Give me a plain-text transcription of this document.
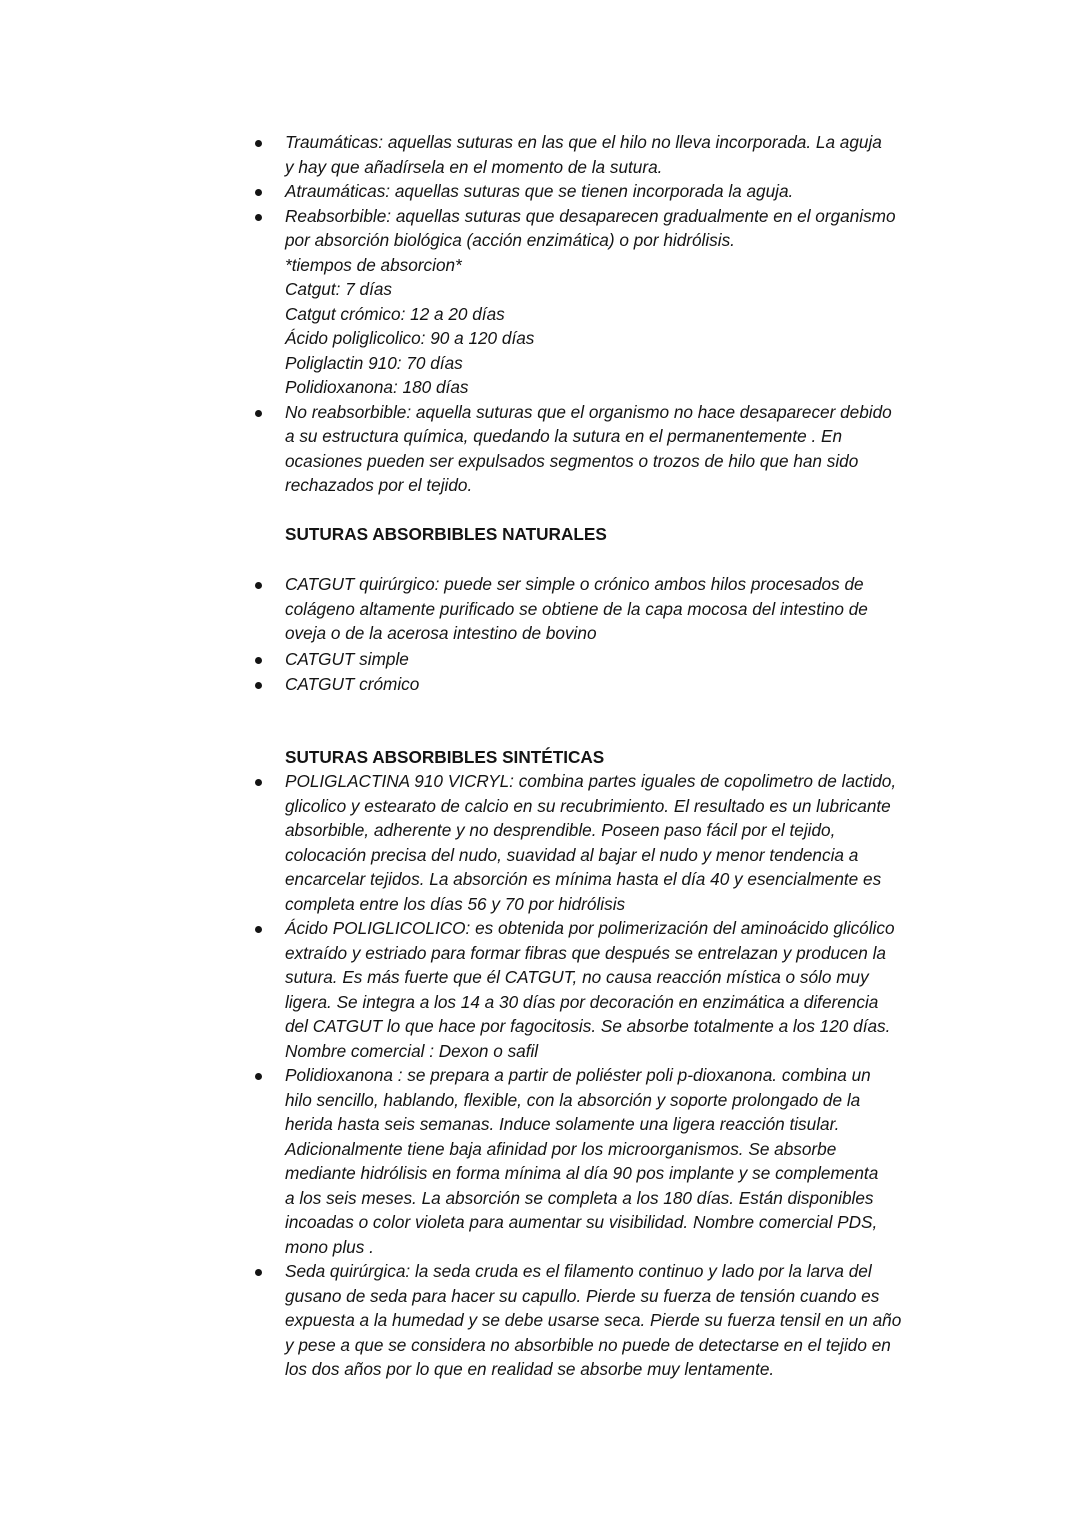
Traumáticas: aquellas suturas en las que el hilo no lleva incorporada. La aguja
y hay que añadírsela en el momento de la sutura.
Atraumáticas: aquellas suturas que se tienen incorporada la aguja.
Reabsorbible: aquellas suturas que desaparecen gradualmente en el organismo
por absorción biológica (acción enzimática) o por hidrólisis.
*tiempos de absorcion*
Catgut: 7 días
Catgut crómico: 12 a 20 días
Ácido poliglicolico: 90 a 120 días
Poliglactin 910: 70 días
Polidioxanona: 180 días
No reabsorbible: aquella suturas que el organismo no hace desaparecer debido
a su estructura química, quedando la sutura en el permanentemente . En
ocasiones pueden ser expulsados segmentos o trozos de hilo que han sido
rechazados por el tejido.
SUTURAS ABSORBIBLES NATURALES
CATGUT quirúrgico: puede ser simple o crónico ambos hilos procesados de
colágeno altamente purificado se obtiene de la capa mocosa del intestino de
oveja o de la acerosa intestino de bovino
CATGUT simple
CATGUT crómico
SUTURAS ABSORBIBLES SINTÉTICAS
POLIGLACTINA 910 VICRYL: combina partes iguales de copolimetro de lactido,
glicolico y estearato de calcio en su recubrimiento. El resultado es un lubricante
absorbible, adherente y no desprendible. Poseen paso fácil por el tejido,
colocación precisa del nudo, suavidad al bajar el nudo y menor tendencia a
encarcelar tejidos. La absorción es mínima hasta el día 40 y esencialmente es
completa entre los días 56 y 70 por hidrólisis
Ácido POLIGLICOLICO: es obtenida por polimerización del aminoácido glicólico
extraído y estriado para formar fibras que después se entrelazan y producen la
sutura. Es más fuerte que él CATGUT, no causa reacción mística o sólo muy
ligera. Se integra a los 14 a 30 días por decoración en enzimática a diferencia
del CATGUT lo que hace por fagocitosis. Se absorbe totalmente a los 120 días.
Nombre comercial : Dexon o safil
Polidioxanona : se prepara a partir de poliéster poli p-dioxanona. combina un
hilo sencillo, hablando, flexible, con la absorción y soporte prolongado de la
herida hasta seis semanas. Induce solamente una ligera reacción tisular.
Adicionalmente tiene baja afinidad por los microorganismos. Se absorbe
mediante hidrólisis en forma mínima al día 90 pos implante y se complementa
a los seis meses. La absorción se completa a los 180 días. Están disponibles
incoadas o color violeta para aumentar su visibilidad. Nombre comercial PDS,
mono plus .
Seda quirúrgica: la seda cruda es el filamento continuo y lado por la larva del
gusano de seda para hacer su capullo. Pierde su fuerza de tensión cuando es
expuesta a la humedad y se debe usarse seca. Pierde su fuerza tensil en un año
y pese a que se considera no absorbible no puede de detectarse en el tejido en
los dos años por lo que en realidad se absorbe muy lentamente.
